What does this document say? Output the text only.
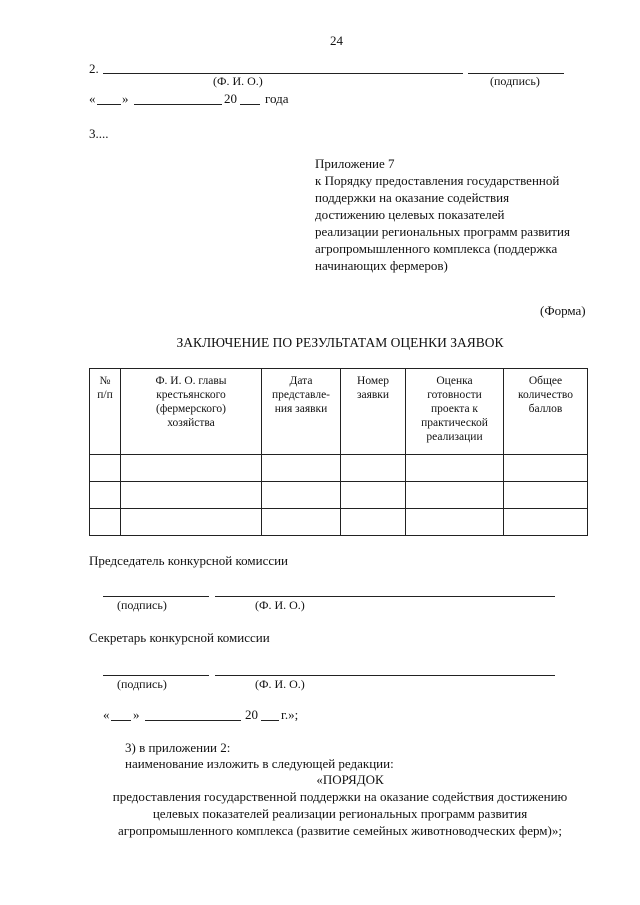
24
2.
(Ф. И. О.)	(подпись)
« »	20 года
3....
Приложение 7
к Порядку предоставления государственной
поддержки на оказание содействия
достижению целевых показателей
реализации региональных программ развития
агропромышленного комплекса (поддержка
начинающих фермеров)
(Форма)
ЗАКЛЮЧЕНИЕ ПО РЕЗУЛЬТАТАМ ОЦЕНКИ ЗАЯВОК
№
п/п	Ф. И. О. главы
крестьянского
(фермерского)
хозяйства	Дата
представле-
ния заявки	Номер
заявки	Оценка
готовности
проекта к
практической
реализации	Общее
количество
баллов

Председатель конкурсной комиссии
(подпись)	(Ф. И. О.)
Секретарь конкурсной комиссии
(подпись)	(Ф. И. О.)
« »	20 г.»;
3) в приложении 2:
наименование изложить в следующей редакции:
«ПОРЯДОК
предоставления государственной поддержки на оказание содействия достижению
целевых показателей реализации региональных программ развития
агропромышленного комплекса (развитие семейных животноводческих ферм)»;
